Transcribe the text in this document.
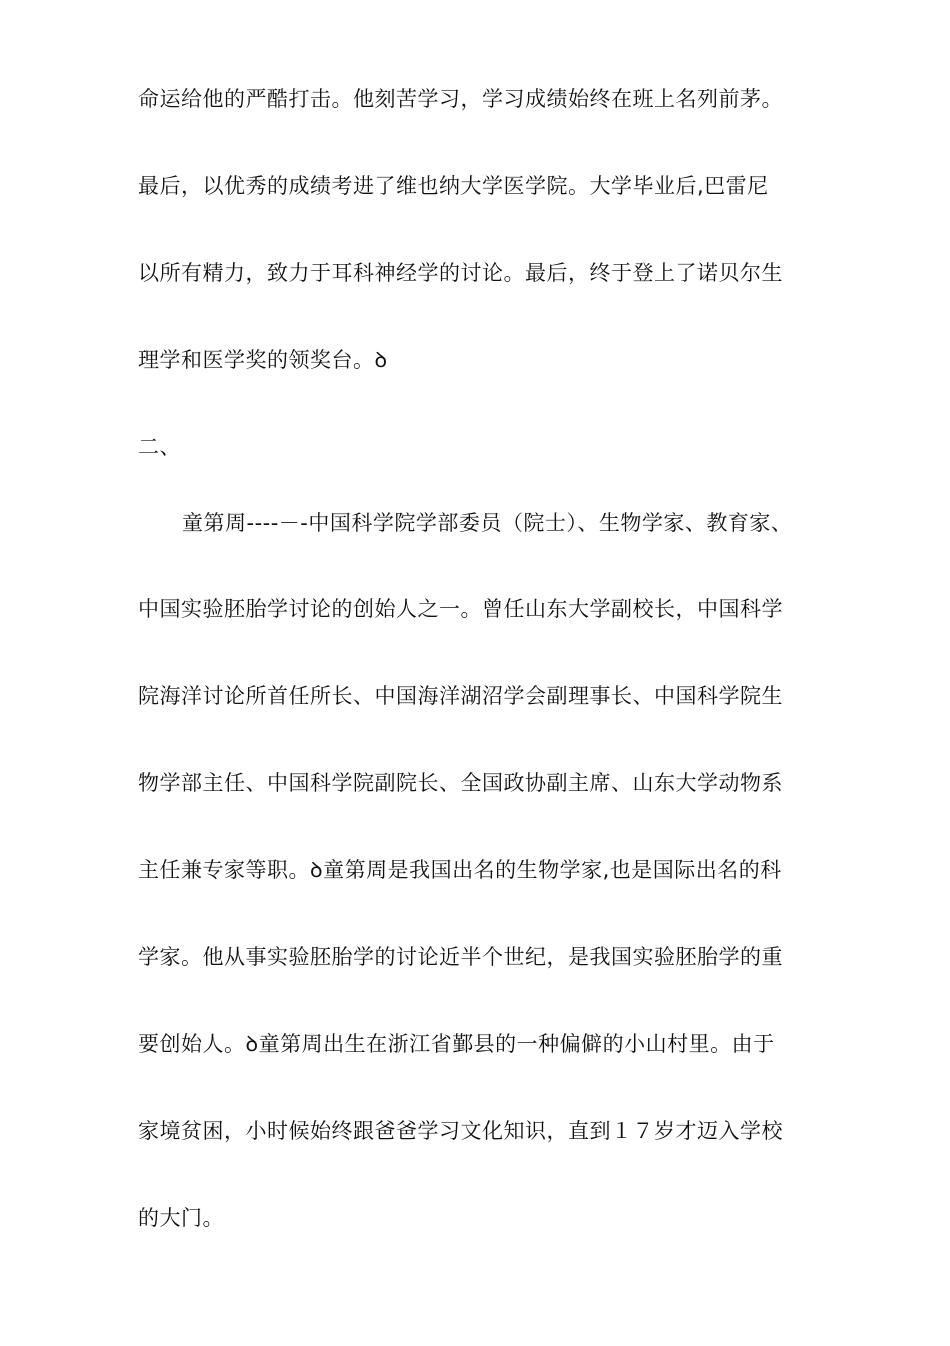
命运给他的严酷打击。他刻苦学习，学习成绩始终在班上名列前茅。
最后，以优秀的成绩考进了维也纳大学医学院。大学毕业后,巴雷尼
以所有精力，致力于耳科神经学的讨论。最后，终于登上了诺贝尔生
理学和医学奖的领奖台。ꝺ
二、
童第周----－-中国科学院学部委员（院士）、生物学家、教育家、
中国实验胚胎学讨论的创始人之一。曾任山东大学副校长，中国科学
院海洋讨论所首任所长、中国海洋湖沼学会副理事长、中国科学院生
物学部主任、中国科学院副院长、全国政协副主席、山东大学动物系
主任兼专家等职。ꝺ童第周是我国出名的生物学家,也是国际出名的科
学家。他从事实验胚胎学的讨论近半个世纪，是我国实验胚胎学的重
要创始人。ꝺ童第周出生在浙江省鄞县的一种偏僻的小山村里。由于
家境贫困，小时候始终跟爸爸学习文化知识，直到１７岁才迈入学校
的大门。
